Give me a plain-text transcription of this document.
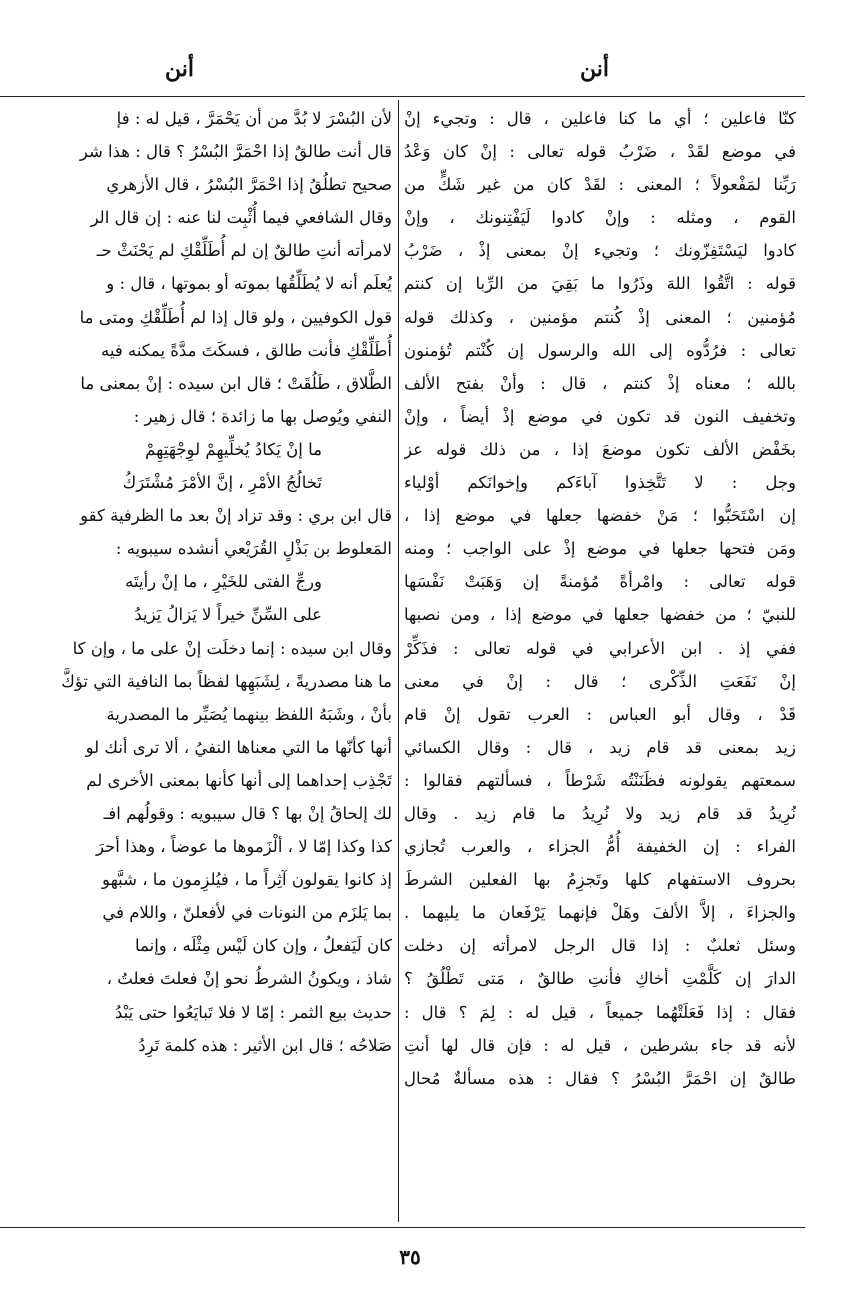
أنن
أنن
كنّا فاعلين ؛ أي ما كنا فاعلين ، قال : وتجيء إنْ
في موضع لقَدْ ، ضَرْبُ قوله تعالى : إنْ كان وَعْدُ
رَبِّنا لمَفْعولاً ؛ المعنى : لقَدْ كان من غير شَكٍّ من
القوم ، ومثله : وإنْ كادوا لَيَفْتِنونك ، وإنْ
كادوا ليَسْتَفِزّونك ؛ وتجيء إنْ بمعنى إذْ ، ضَرْبُ
قوله : اتَّقُوا اللهَ وذَرُوا ما بَقِيَ من الرِّبا إن كنتم
مُؤمنين ؛ المعنى إذْ كُنتم مؤمنين ، وكذلك قوله
تعالى : فرُدُّوه إلى الله والرسول إن كُنْتم تُؤمنون
بالله ؛ معناه إذْ كنتم ، قال : وأنْ بفتح الألف
وتخفيف النون قد تكون في موضع إذْ أيضاً ، وإنْ
بخَفْض الألف تكون موضعَ إذا ، من ذلك قوله عز
وجل : لا تَتَّخِذوا آباءَكم وإخوانَكم أوْلياء
إن اسْتَحَبُّوا ؛ مَنْ خفضها جعلها في موضع إذا ،
ومَن فتحها جعلها في موضع إذْ على الواجب ؛ ومنه
قوله تعالى : وامْرأةً مُؤمنةً إن وَهَبَتْ نَفْسَها
للنبيّ ؛ من خفضها جعلها في موضع إذا ، ومن نصبها
ففي إذ . ابن الأعرابي في قوله تعالى : فذَكِّرْ
إنْ نَفَعَتِ الذِّكْرى ؛ قال : إنْ في معنى
قَدْ ، وقال أبو العباس : العرب تقول إنْ قام
زيد بمعنى قد قام زيد ، قال : وقال الكسائي
سمعتهم يقولونه فظَنَنْتُه شَرْطاً ، فسألتهم فقالوا :
نُرِيدُ قد قام زيد ولا نُرِيدُ ما قام زيد . وقال
الفراء : إن الخفيفة أُمُّ الجزاء ، والعرب تُجازي
بحروف الاستفهام كلها وتَجزِمُ بها الفعلين الشرطَ
والجزاءَ ، إلاَّ الألفَ وهَلْ فإنهما يَرْفَعان ما يليهما .
وسئل ثعلبٌ : إذا قال الرجل لامرأته إن دخلت
الدارَ إن كَلَّمْتِ أخاكِ فأنتِ طالقٌ ، مَتى تَطْلُقُ ؟
فقال : إذا فَعَلَتْهُما جميعاً ، قيل له : لِمَ ؟ قال :
لأنه قد جاء بشرطين ، قيل له : فإن قال لها أنتِ
طالقٌ إن احْمَرَّ البُسْرُ ؟ فقال : هذه مسألةٌ مُحال
لأن البُسْرَ لا بُدَّ من أن يَحْمَرَّ ، قيل له : فإ
قال أنت طالقٌ إذا احْمَرَّ البُسْرُ ؟ قال : هذا شر
صحيح تطلُقُ إذا احْمَرَّ البُسْرُ ، قال الأزهري
وقال الشافعي فيما أُثْبِت لنا عنه : إن قال الر
لامرأته أنتِ طالقٌ إن لم أُطَلِّقْكِ لم يَحْنَثْ حـ
يُعلَم أنه لا يُطَلِّقُها بموته أو بموتها ، قال : و
قول الكوفيين ، ولو قال إذا لم أُطَلِّقْكِ ومتى ما
أُطَلِّقْكِ فأنت طالق ، فسكَتَ مدَّةً يمكنه فيه
الطَّلاق ، طَلُقَتْ ؛ قال ابن سيده : إنْ بمعنى ما
النفي ويُوصل بها ما زائدة ؛ قال زهير :
ما إنْ يَكادُ يُخلِّيهِمْ لوِجْهَتِهِمْ
تَخالُجُ الأمْرِ ، إنَّ الأمْرَ مُشْتَرَكُ
قال ابن بري : وقد تزاد إنْ بعد ما الظرفية كقو
المَعلوط بن بَذْلٍ القُرَيْعي أنشده سيبويه :
ورجِّ الفتى للخَيْرِ ، ما إنْ رأيتَه
على السِّنِّ خيراً لا يَزالُ يَزيدُ
وقال ابن سيده : إنما دخلَت إنْ على ما ، وإن كا
ما هنا مصدريةً ، لِشَبَهِها لفظاً بما النافية التي تؤكَّ
بأنْ ، وشَبَهُ اللفظ بينهما يُصَيِّر ما المصدرية
أنها كأنّها ما التي معناها النفيُ ، ألا ترى أنك لو
تَجْذِب إحداهما إلى أنها كأنها بمعنى الأخرى لم
لك إلحاقُ إنْ بها ؟ قال سيبويه : وقولُهم افـ
كذا وكذا إمّا لا ، ألْزَموها ما عوضاً ، وهذا أحرَ
إذ كانوا يقولون آثِراً ما ، فيُلزِمون ما ، شبَّهو
بما يَلزَم من النونات في لأفعلنّ ، واللام في
كان لَيَفعلُ ، وإن كان لَيْس مِثْلَه ، وإنما
شاذ ، ويكونُ الشرطُ نحو إنْ فعلتَ فعلتُ ،
حديث بيع الثمر : إمّا لا فلا تَبايَعُوا حتى يَبْدُ
صَلاحُه ؛ قال ابن الأثير : هذه كلمة تَرِدُ
٣٥
